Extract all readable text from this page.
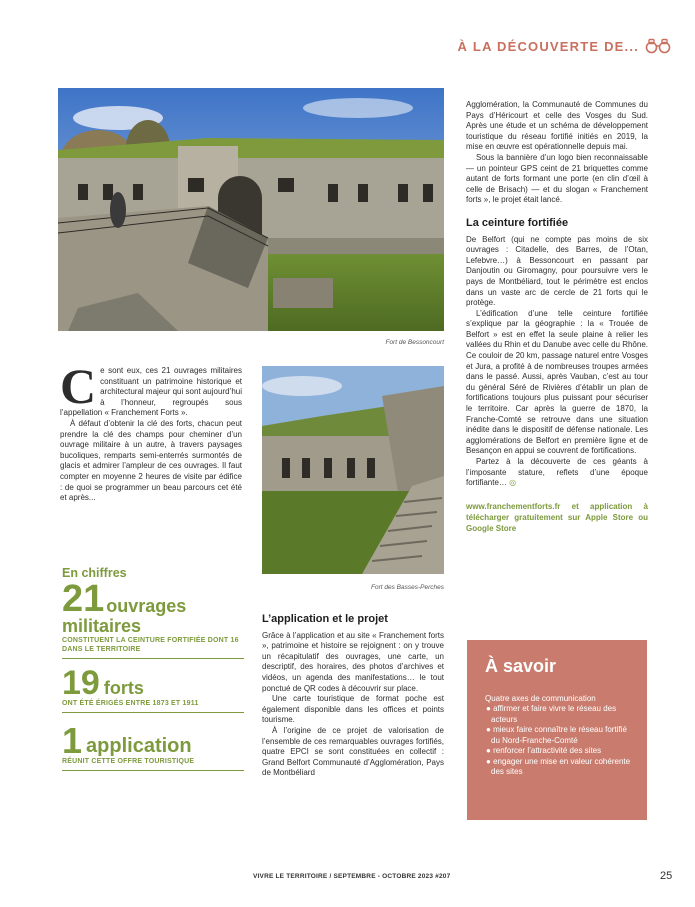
À LA DÉCOUVERTE DE...
Fort de Bessoncourt
Fort des Basses-Perches

Ce sont eux, ces 21 ouvrages militaires constituant un patrimoine historique et architectural majeur qui sont aujourd’hui à l’honneur, regroupés sous l’appellation « Franchement Forts ».

À défaut d’obtenir la clé des forts, chacun peut prendre la clé des champs pour cheminer d’un ouvrage militaire à un autre, à travers paysages bucoliques, remparts semi-enterrés surmontés de glacis et admirer l’ampleur de ces ouvrages. Il faut compter en moyenne 2 heures de visite par édifice : de quoi se programmer un beau parcours cet été et après...

En chiffres
21 ouvrages
militaires
CONSTITUENT LA CEINTURE FORTIFIÉE DONT 16 DANS LE TERRITOIRE
19 forts
ONT ÉTÉ ÉRIGÉS ENTRE 1873 ET 1911
1 application
RÉUNIT CETTE OFFRE TOURISTIQUE
L’application et le projet

Grâce à l’application et au site « Franchement forts », patrimoine et histoire se rejoignent : on y trouve un récapitulatif des ouvrages, une carte, un descriptif, des horaires, des photos d’archives et vidéos, un agenda des manifestations… le tout ponctué de QR codes à découvrir sur place.

Une carte touristique de format poche est également disponible dans les offices et points tourisme.

À l’origine de ce projet de valorisation de l’ensemble de ces remarquables ouvrages fortifiés, quatre EPCI se sont constituées en collectif : Grand Belfort Communauté d’Agglomération, Pays de Montbéliard

Agglomération, la Communauté de Communes du Pays d’Héricourt et celle des Vosges du Sud. Après une étude et un schéma de développement touristique du réseau fortifié initiés en 2019, la mise en œuvre est opérationnelle depuis mai.

Sous la bannière d’un logo bien reconnaissable — un pointeur GPS ceint de 21 briquettes comme autant de forts formant une porte (en clin d’œil à celle de Brisach) — et du slogan « Franchement forts », le projet était lancé.

La ceinture fortifiée

De Belfort (qui ne compte pas moins de six ouvrages : Citadelle, des Barres, de l’Otan, Lefebvre…) à Bessoncourt en passant par Danjoutin ou Giromagny, pour poursuivre vers le pays de Montbéliard, tout le périmètre est enclos dans un vaste arc de cercle de 21 forts qui le protège.

L’édification d’une telle ceinture fortifiée s’explique par la géographie : la « Trouée de Belfort » est en effet la seule plaine à relier les vallées du Rhin et du Danube avec celle du Rhône. Ce couloir de 20 km, passage naturel entre Vosges et Jura, a profité à de nombreuses troupes armées dans le passé. Aussi, après Vauban, c’est au tour du général Séré de Rivières d’établir un plan de fortifications toujours plus puissant pour sécuriser le territoire. Car après la guerre de 1870, la Franche-Comté se retrouve dans une situation inédite dans le dispositif de défense nationale. Les agglomérations de Belfort en première ligne et de Besançon en appui se couvrent de fortifications.

Partez à la découverte de ces géants à l’imposante stature, reflets d’une époque fortifiante… ◎

www.franchementforts.fr et application à télécharger gratuitement sur Apple Store ou Google Store
À savoir
Quatre axes de communication
● affirmer et faire vivre le réseau des acteurs
● mieux faire connaître le réseau fortifié du Nord-Franche-Comté
● renforcer l’attractivité des sites
● engager une mise en valeur cohérente des sites
VIVRE LE TERRITOIRE / SEPTEMBRE - OCTOBRE 2023 #207	25
